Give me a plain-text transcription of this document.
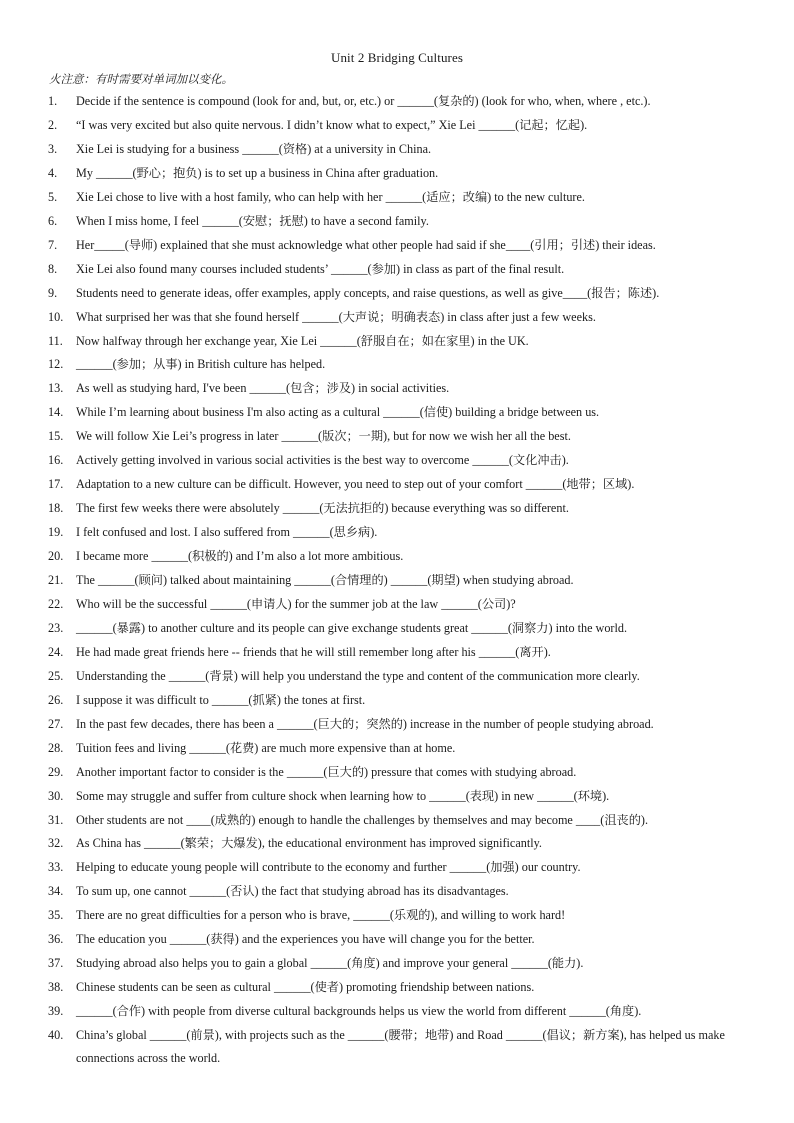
Unit 2 Bridging Cultures
火注意：有时需要对单词加以变化。
1.	Decide if the sentence is compound (look for and, but, or, etc.) or ______(复杂的) (look for who, when, where , etc.).
2.	“I was very excited but also quite nervous. I didn’t know what to expect,” Xie Lei ______(记起；忆起).
3.	Xie Lei is studying for a business ______(资格) at a university in China.
4.	My ______(野心；抱负) is to set up a business in China after graduation.
5.	Xie Lei chose to live with a host family, who can help with her ______(适应；改编) to the new culture.
6.	When I miss home, I feel ______(安慰；抚慰) to have a second family.
7.	Her_____(导师) explained that she must acknowledge what other people had said if she____(引用；引述) their ideas.
8.	Xie Lei also found many courses included students’ ______(参加) in class as part of the final result.
9.	Students need to generate ideas, offer examples, apply concepts, and raise questions, as well as give____(报告；陈述).
10.	What surprised her was that she found herself ______(大声说；明确表态) in class after just a few weeks.
11.	Now halfway through her exchange year, Xie Lei ______(舒服自在；如在家里) in the UK.
12.	______(参加；从事) in British culture has helped.
13.	As well as studying hard, I've been ______(包含；涉及) in social activities.
14.	While I’m learning about business I'm also acting as a cultural ______(信使) building a bridge between us.
15.	We will follow Xie Lei’s progress in later ______(版次；一期), but for now we wish her all the best.
16.	Actively getting involved in various social activities is the best way to overcome ______(文化冲击).
17.	Adaptation to a new culture can be difficult. However, you need to step out of your comfort ______(地带；区域).
18.	The first few weeks there were absolutely ______(无法抗拒的) because everything was so different.
19.	I felt confused and lost. I also suffered from ______(思乡病).
20.	I became more ______(积极的) and I’m also a lot more ambitious.
21.	The ______(顾问) talked about maintaining ______(合情理的) ______(期望) when studying abroad.
22.	Who will be the successful ______(申请人) for the summer job at the law ______(公司)?
23.	______(暴露) to another culture and its people can give exchange students great ______(洞察力) into the world.
24.	He had made great friends here -- friends that he will still remember long after his ______(离开).
25.	Understanding the ______(背景) will help you understand the type and content of the communication more clearly.
26.	I suppose it was difficult to ______(抓紧) the tones at first.
27.	In the past few decades, there has been a ______(巨大的；突然的) increase in the number of people studying abroad.
28.	Tuition fees and living ______(花费) are much more expensive than at home.
29.	Another important factor to consider is the ______(巨大的) pressure that comes with studying abroad.
30.	Some may struggle and suffer from culture shock when learning how to ______(表现) in new ______(环境).
31.	Other students are not ____(成熟的) enough to handle the challenges by themselves and may become ____(沮丧的).
32.	As China has ______(繁荣；大爆发), the educational environment has improved significantly.
33.	Helping to educate young people will contribute to the economy and further ______(加强) our country.
34.	To sum up, one cannot ______(否认) the fact that studying abroad has its disadvantages.
35.	There are no great difficulties for a person who is brave, ______(乐观的), and willing to work hard!
36.	The education you ______(获得) and the experiences you have will change you for the better.
37.	Studying abroad also helps you to gain a global ______(角度) and improve your general ______(能力).
38.	Chinese students can be seen as cultural ______(使者) promoting friendship between nations.
39.	______(合作) with people from diverse cultural backgrounds helps us view the world from different ______(角度).
40.	China’s global ______(前景), with projects such as the ______(腰带；地带) and Road ______(倡议；新方案), has helped us make connections across the world.
